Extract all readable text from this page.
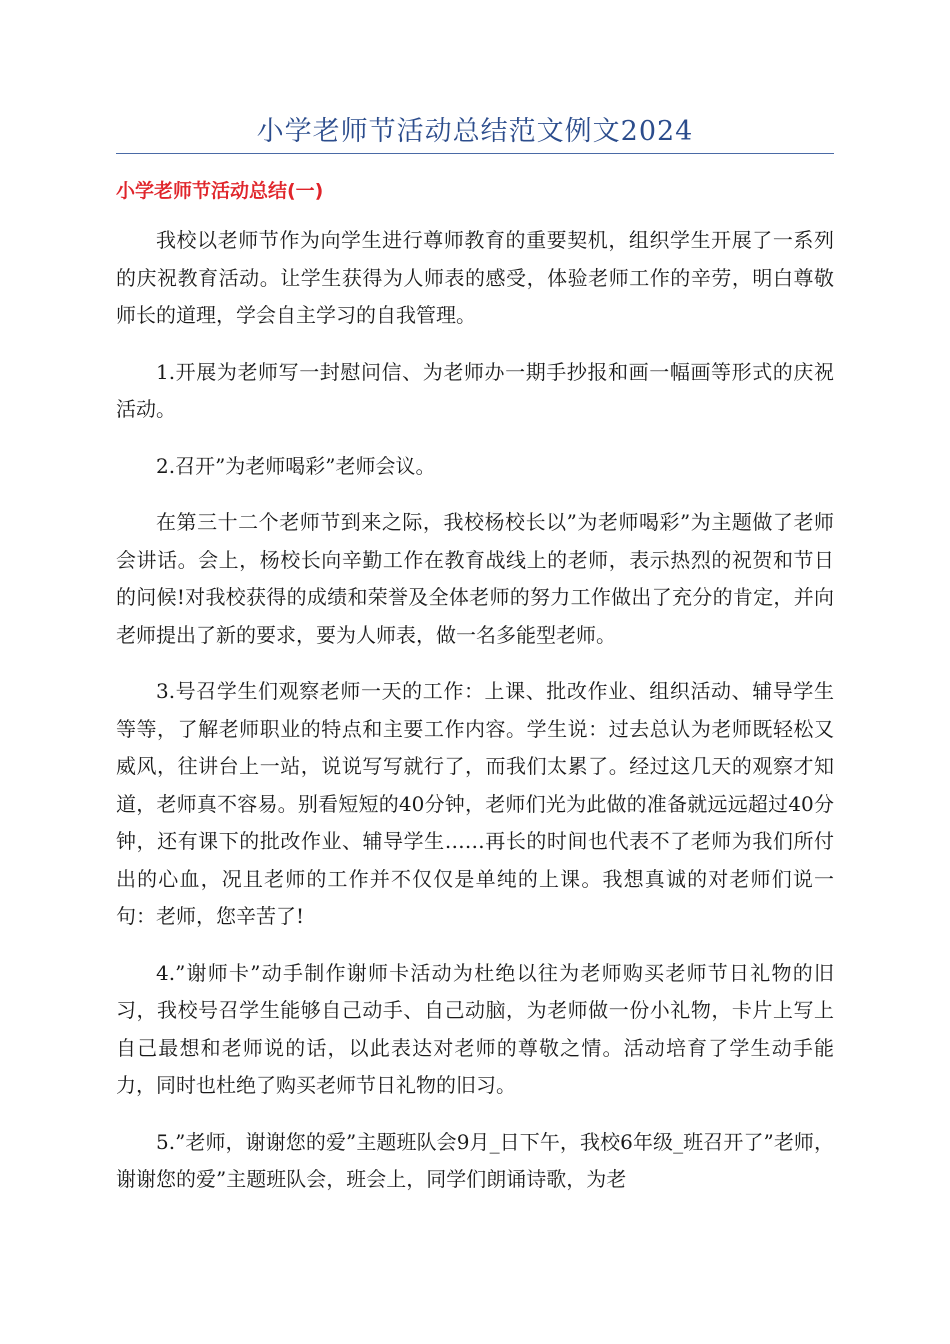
小学老师节活动总结范文例文2024
小学老师节活动总结(一)

我校以老师节作为向学生进行尊师教育的重要契机，组织学生开展了一系列的庆祝教育活动。让学生获得为人师表的感受，体验老师工作的辛劳，明白尊敬师长的道理，学会自主学习的自我管理。

1.开展为老师写一封慰问信、为老师办一期手抄报和画一幅画等形式的庆祝活动。

2.召开”为老师喝彩”老师会议。

在第三十二个老师节到来之际，我校杨校长以”为老师喝彩”为主题做了老师会讲话。会上，杨校长向辛勤工作在教育战线上的老师，表示热烈的祝贺和节日的问候!对我校获得的成绩和荣誉及全体老师的努力工作做出了充分的肯定，并向老师提出了新的要求，要为人师表，做一名多能型老师。

3.号召学生们观察老师一天的工作：上课、批改作业、组织活动、辅导学生等等，了解老师职业的特点和主要工作内容。学生说：过去总认为老师既轻松又威风，往讲台上一站，说说写写就行了，而我们太累了。经过这几天的观察才知道，老师真不容易。别看短短的40分钟，老师们光为此做的准备就远远超过40分钟，还有课下的批改作业、辅导学生……再长的时间也代表不了老师为我们所付出的心血，况且老师的工作并不仅仅是单纯的上课。我想真诚的对老师们说一句：老师，您辛苦了!

4.”谢师卡”动手制作谢师卡活动为杜绝以往为老师购买老师节日礼物的旧习，我校号召学生能够自己动手、自己动脑，为老师做一份小礼物，卡片上写上自己最想和老师说的话，以此表达对老师的尊敬之情。活动培育了学生动手能力，同时也杜绝了购买老师节日礼物的旧习。

5.”老师，谢谢您的爱”主题班队会9月_日下午，我校6年级_班召开了”老师，谢谢您的爱”主题班队会，班会上，同学们朗诵诗歌，为老
